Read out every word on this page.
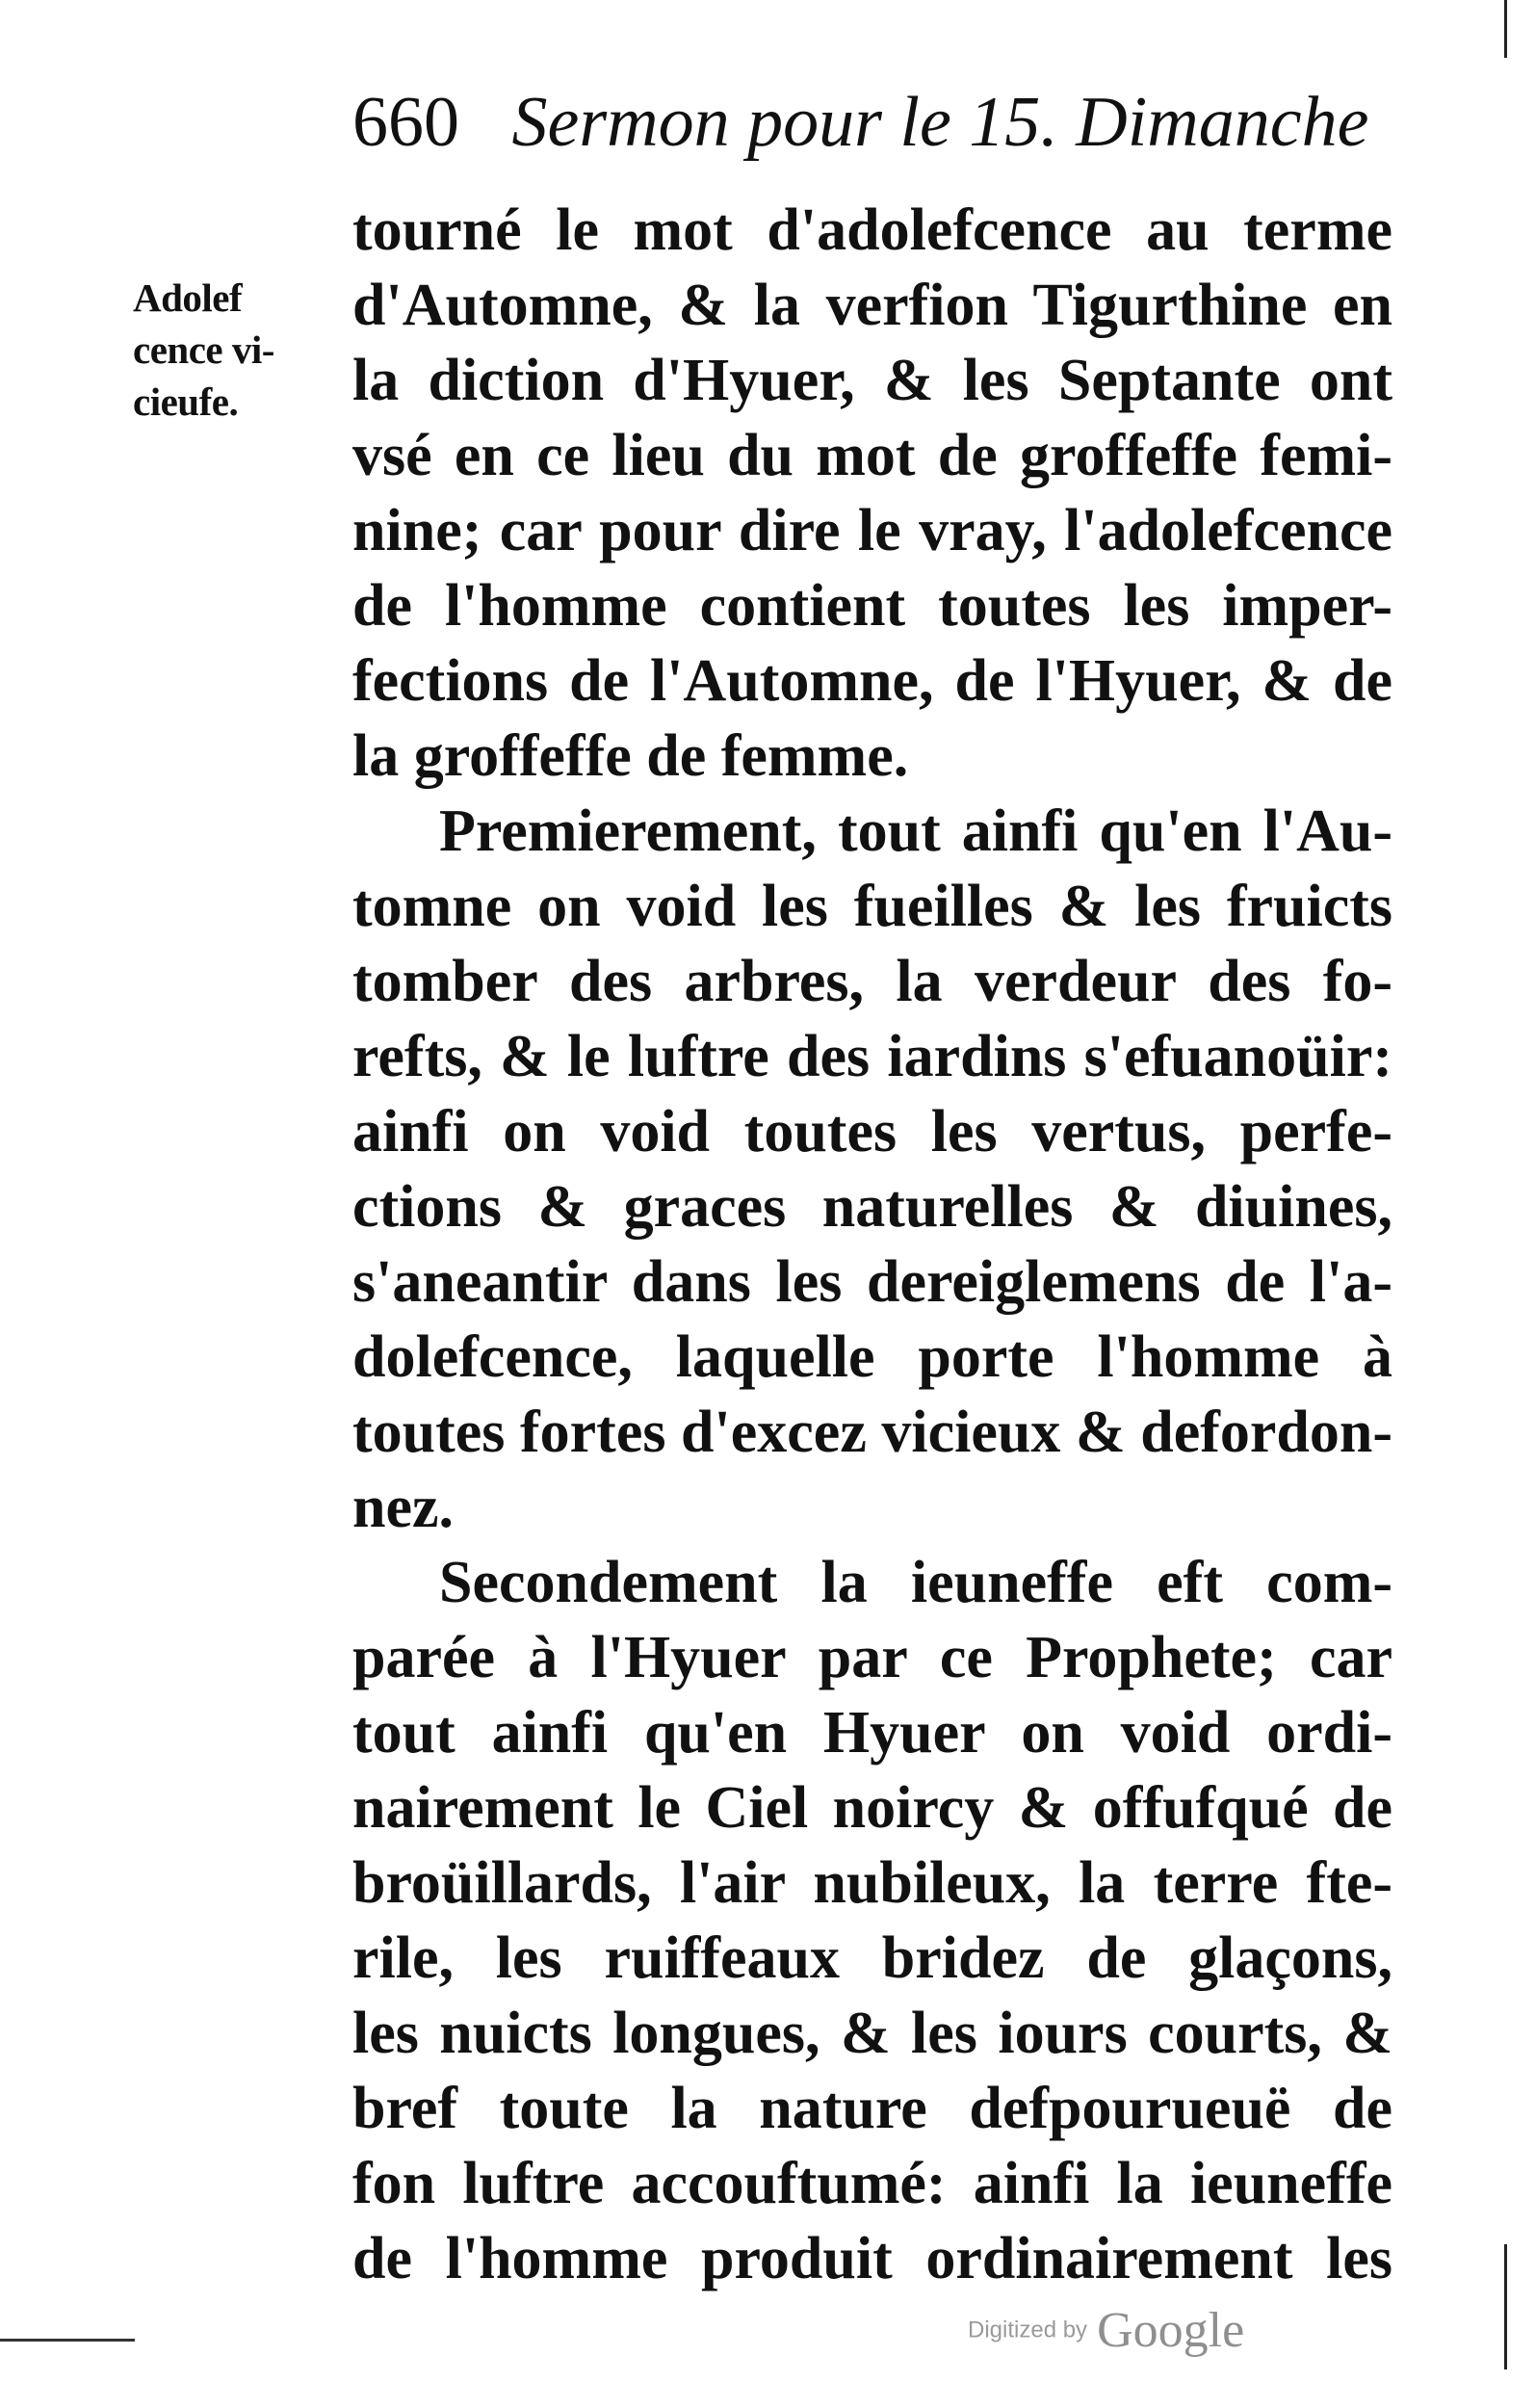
660 Sermon pour le 15. Dimanche
Adolef
cence vi-
cieufe.
tourné le mot d'adolefcence au terme
d'Automne, & la verfion Tigurthine en
la diction d'Hyuer, & les Septante ont
vsé en ce lieu du mot de groffeffe femi-
nine; car pour dire le vray, l'adolefcence
de l'homme contient toutes les imper-
fections de l'Automne, de l'Hyuer, & de
la groffeffe de femme.
Premierement, tout ainfi qu'en l'Au-
tomne on void les fueilles & les fruicts
tomber des arbres, la verdeur des fo-
refts, & le luftre des iardins s'efuanoüir:
ainfi on void toutes les vertus, perfe-
ctions & graces naturelles & diuines,
s'aneantir dans les dereiglemens de l'a-
dolefcence, laquelle porte l'homme à
toutes fortes d'excez vicieux & defordon-
nez.
Secondement la ieuneffe eft com-
parée à l'Hyuer par ce Prophete; car
tout ainfi qu'en Hyuer on void ordi-
nairement le Ciel noircy & offufqué de
broüillards, l'air nubileux, la terre fte-
rile, les ruiffeaux bridez de glaçons,
les nuicts longues, & les iours courts, &
bref toute la nature defpourueuë de
fon luftre accouftumé: ainfi la ieuneffe
de l'homme produit ordinairement les
Digitized by Google
